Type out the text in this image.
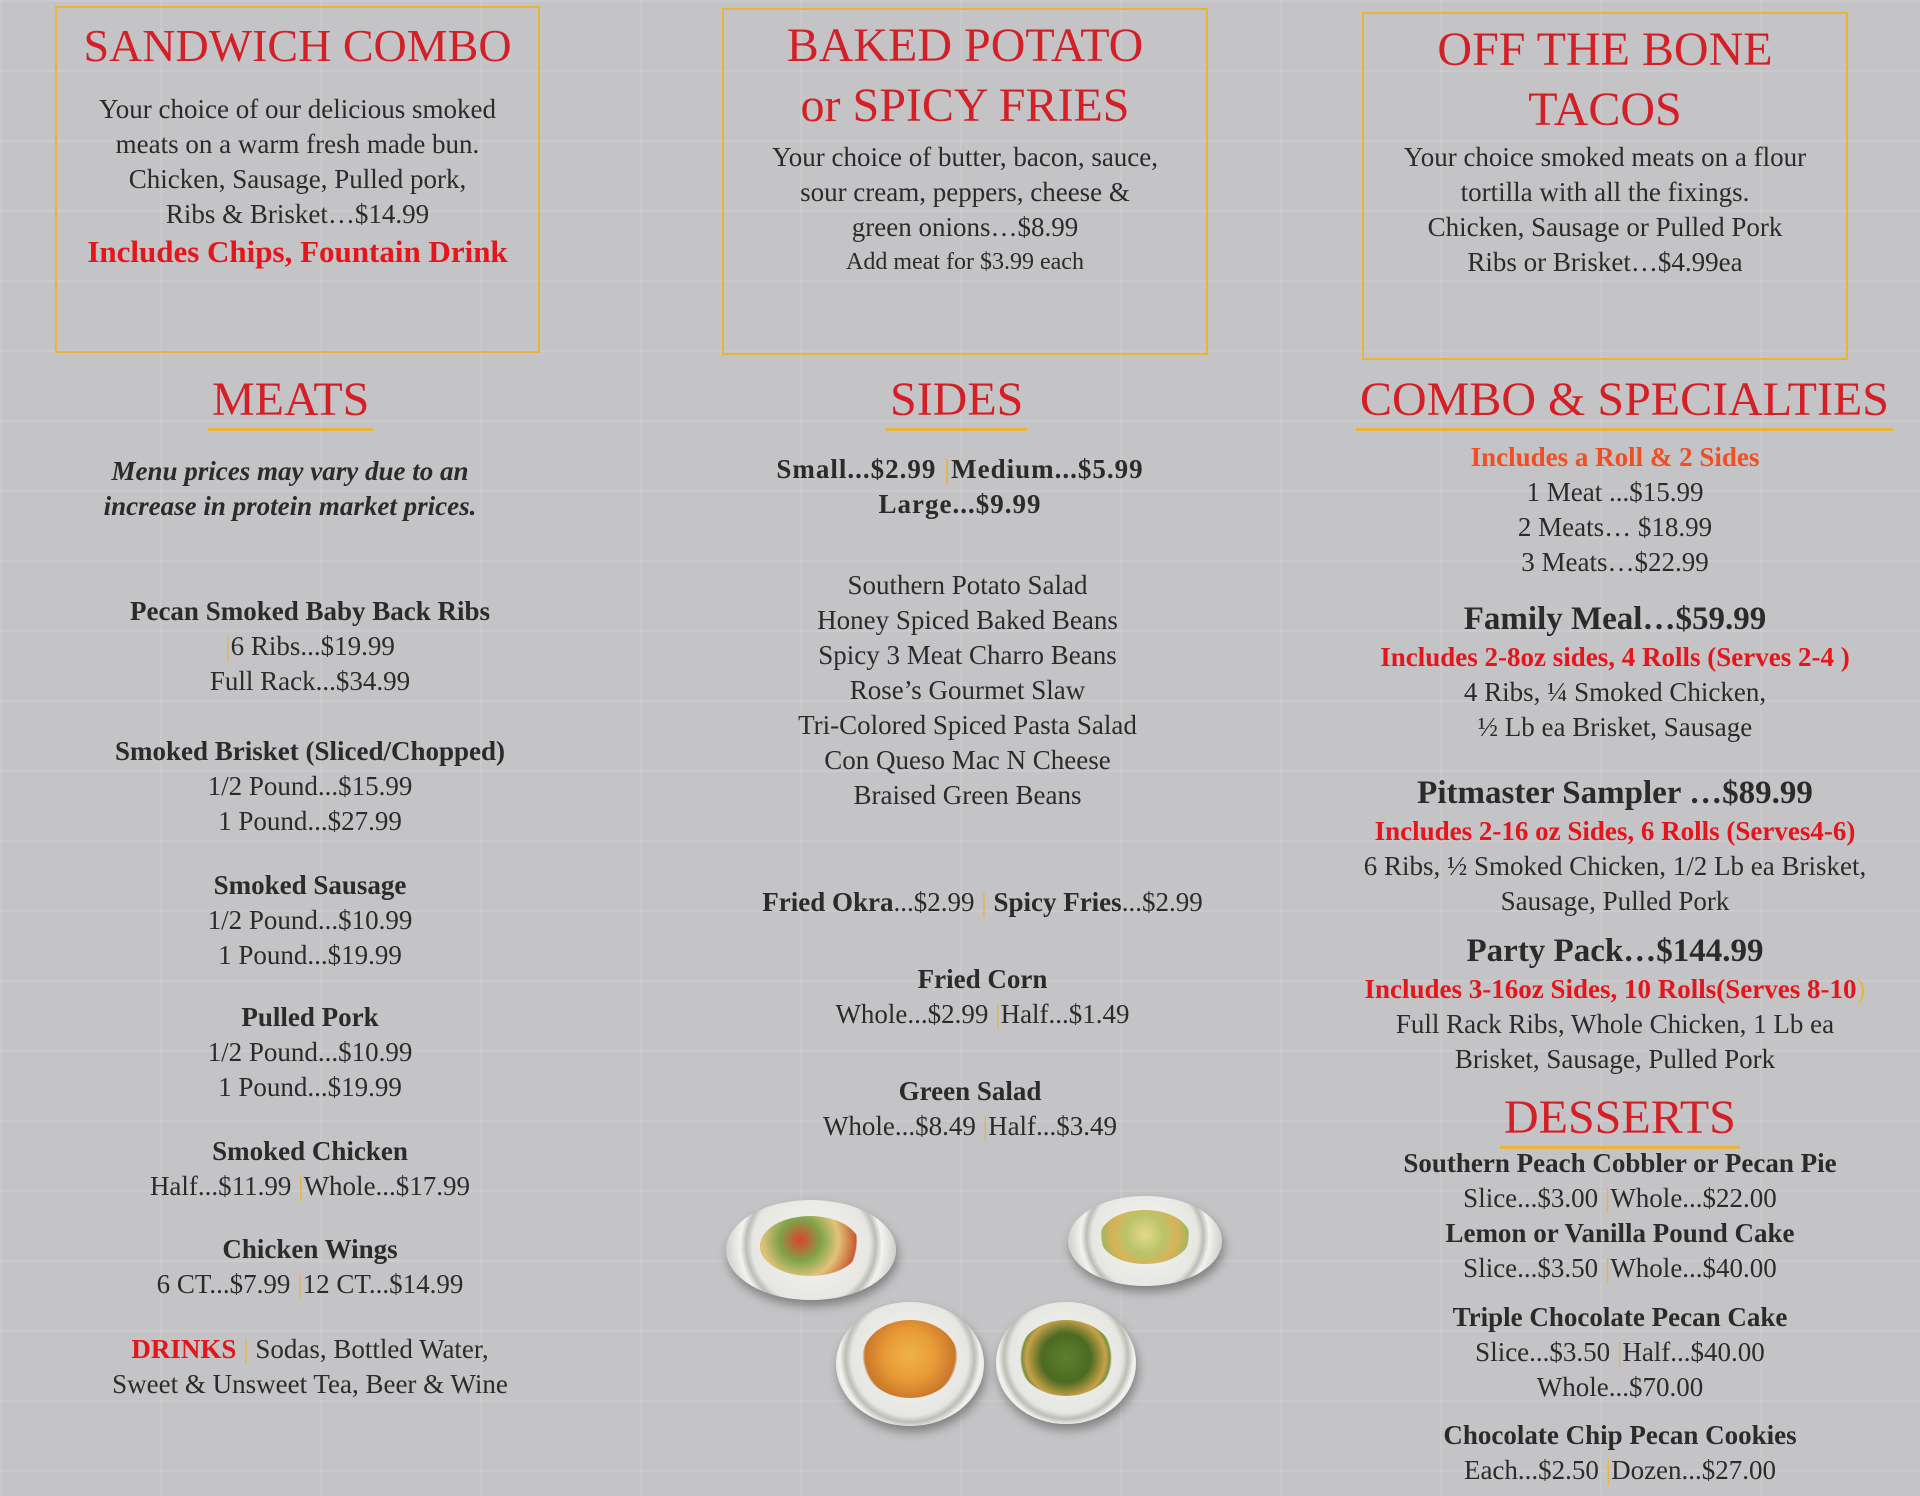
SANDWICH COMBO
Your choice of our delicious smoked
meats on a warm fresh made bun.
Chicken, Sausage, Pulled pork,
Ribs & Brisket…$14.99
Includes Chips, Fountain Drink
BAKED POTATO
or SPICY FRIES
Your choice of butter, bacon, sauce,
sour cream, peppers, cheese &
green onions…$8.99
Add meat for $3.99 each
OFF THE BONE
TACOS
Your choice smoked meats on a flour
tortilla with all the fixings.
Chicken, Sausage or Pulled Pork
Ribs or Brisket…$4.99ea
MEATS
Menu prices may vary due to an
increase in protein market prices.
Pecan Smoked Baby Back Ribs
|6 Ribs...$19.99
Full Rack...$34.99
Smoked Brisket (Sliced/Chopped)
1/2 Pound...$15.99
1 Pound...$27.99
Smoked Sausage
1/2 Pound...$10.99
1 Pound...$19.99
Pulled Pork
1/2 Pound...$10.99
1 Pound...$19.99
Smoked Chicken
Half...$11.99 |Whole...$17.99
Chicken Wings
6 CT...$7.99 |12 CT...$14.99
DRINKS | Sodas, Bottled Water,
Sweet & Unsweet Tea, Beer & Wine
SIDES
Small...$2.99 |Medium...$5.99
Large...$9.99
Southern Potato Salad
Honey Spiced Baked Beans
Spicy 3 Meat Charro Beans
Rose’s Gourmet Slaw
Tri-Colored Spiced Pasta Salad
Con Queso Mac N Cheese
Braised Green Beans
Fried Okra...$2.99 | Spicy Fries...$2.99
Fried Corn
Whole...$2.99 |Half...$1.49
Green Salad
Whole...$8.49 |Half...$3.49
COMBO & SPECIALTIES
Includes a Roll & 2 Sides
1 Meat ...$15.99
2 Meats… $18.99
3 Meats…$22.99
Family Meal…$59.99
Includes 2-8oz sides, 4 Rolls (Serves 2-4 )
4 Ribs, ¼ Smoked Chicken,
½ Lb ea Brisket, Sausage
Pitmaster Sampler …$89.99
Includes 2-16 oz Sides, 6 Rolls (Serves4-6)
6 Ribs, ½ Smoked Chicken, 1/2 Lb ea Brisket,
Sausage, Pulled Pork
Party Pack…$144.99
Includes 3-16oz Sides, 10 Rolls(Serves 8-10)
Full Rack Ribs, Whole Chicken, 1 Lb ea
Brisket, Sausage, Pulled Pork
DESSERTS
Southern Peach Cobbler or Pecan Pie
Slice...$3.00 |Whole...$22.00
Lemon or Vanilla Pound Cake
Slice...$3.50 |Whole...$40.00
Triple Chocolate Pecan Cake
Slice...$3.50 |Half...$40.00
Whole...$70.00
Chocolate Chip Pecan Cookies
Each...$2.50 |Dozen...$27.00
